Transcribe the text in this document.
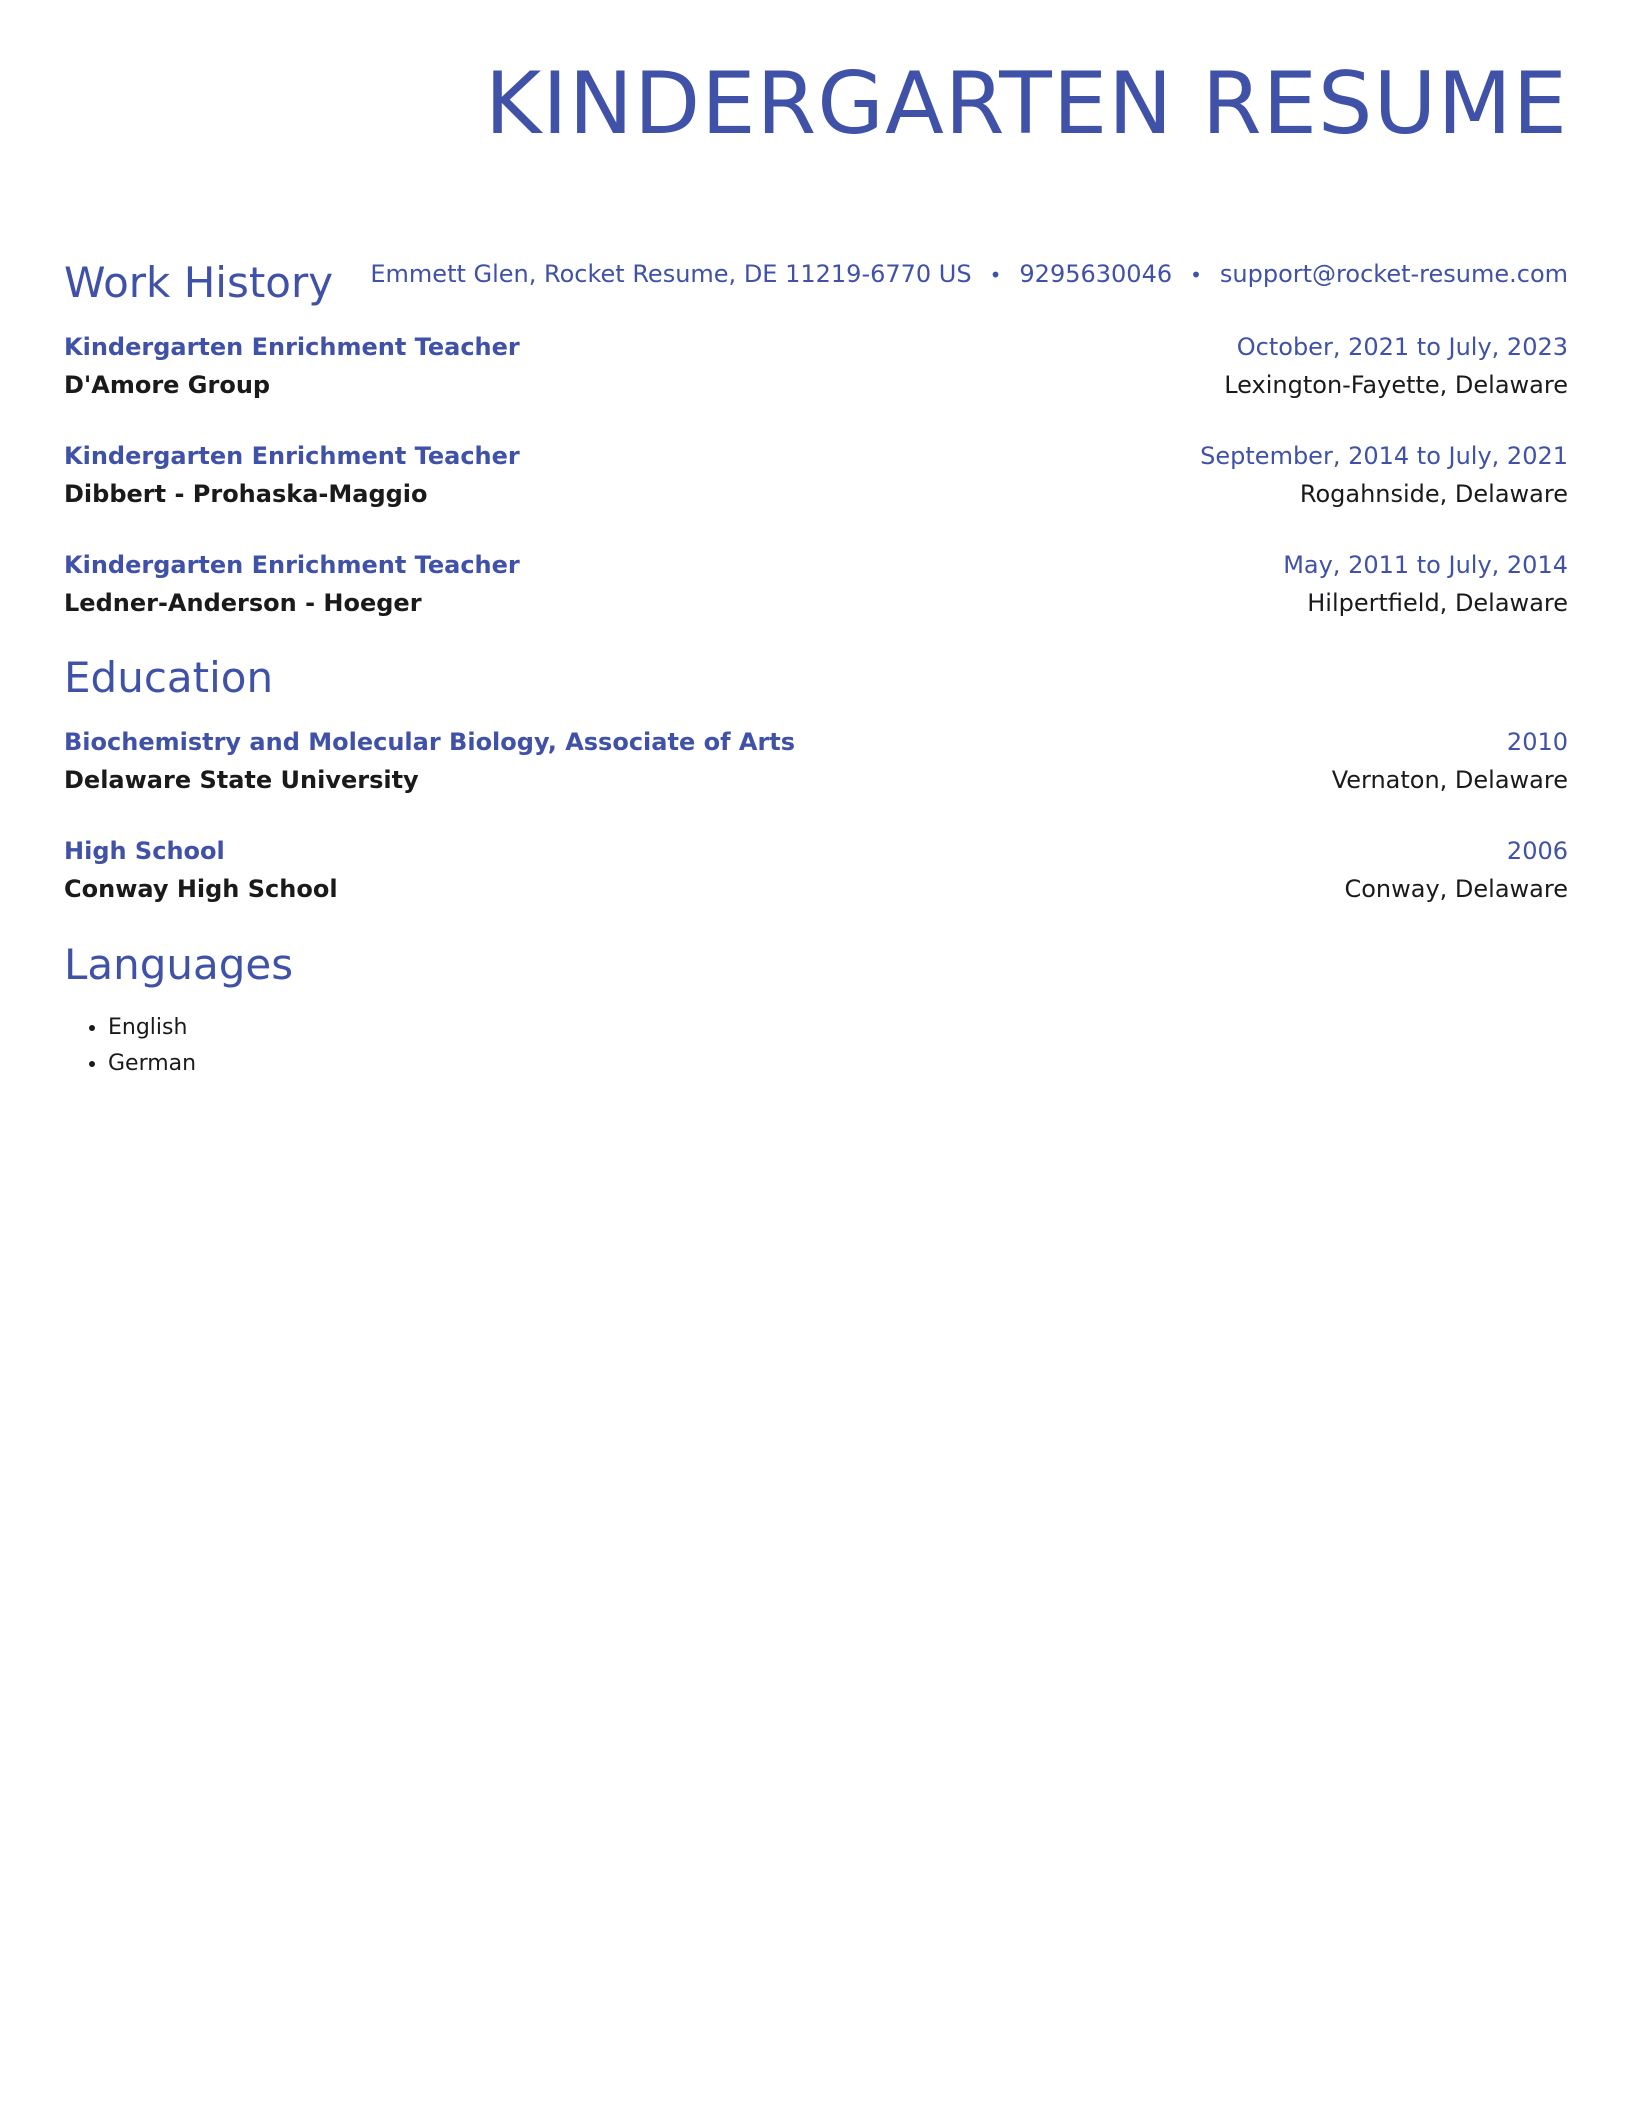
KINDERGARTEN RESUME
Emmett Glen, Rocket Resume, DE 11219-6770 US • 9295630046 • support@rocket-resume.com
Work History
Kindergarten Enrichment Teacher	October, 2021 to July, 2023
D'Amore Group	Lexington-Fayette, Delaware
Kindergarten Enrichment Teacher	September, 2014 to July, 2021
Dibbert - Prohaska-Maggio	Rogahnside, Delaware
Kindergarten Enrichment Teacher	May, 2011 to July, 2014
Ledner-Anderson - Hoeger	Hilpertfield, Delaware
Education
Biochemistry and Molecular Biology, Associate of Arts	2010
Delaware State University	Vernaton, Delaware
High School	2006
Conway High School	Conway, Delaware
Languages
• English
• German
